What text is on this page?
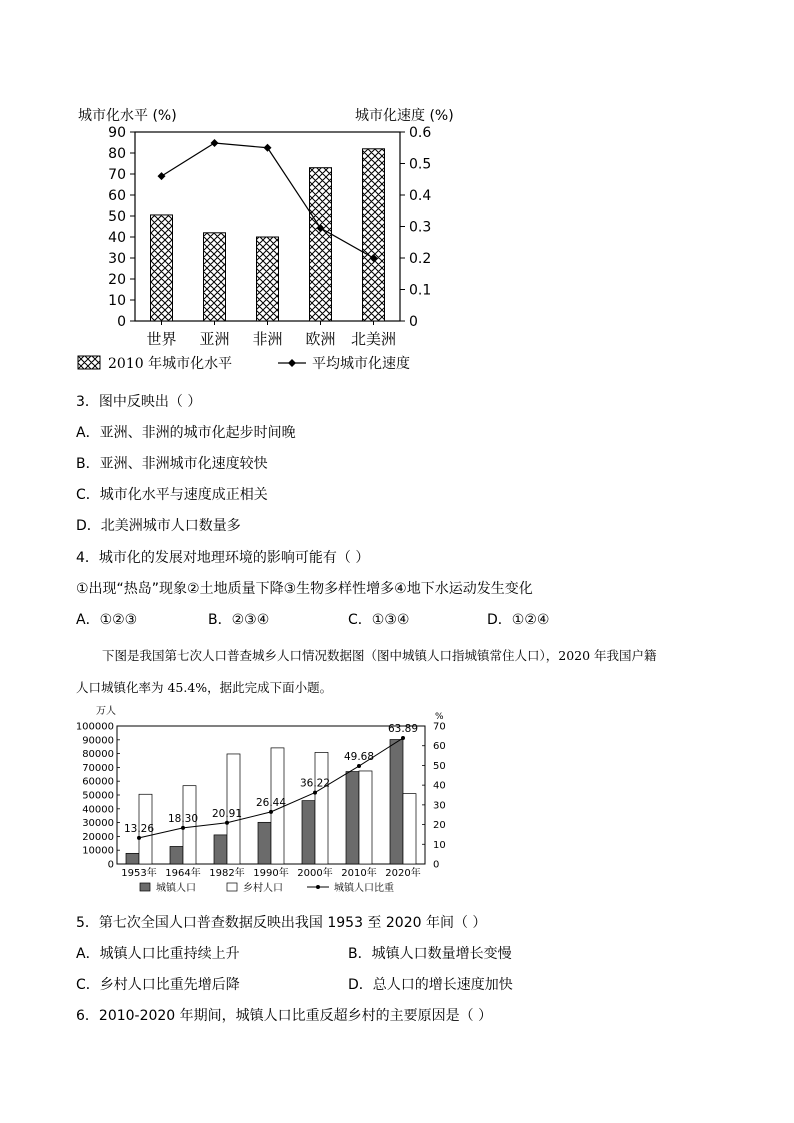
城市化水平 (%)	城市化速度 (%)
90
80
70
60
50
40
30
20
10
0
0.6
0.5
0.4
0.3
0.2
0.1
0
世界 亚洲 非洲 欧洲 北美洲
2010 年城市化水平	平均城市化速度
3．图中反映出（ ）
A．亚洲、非洲的城市化起步时间晚
B．亚洲、非洲城市化速度较快
C．城市化水平与速度成正相关
D．北美洲城市人口数量多
4．城市化的发展对地理环境的影响可能有（ ）
①出现“热岛”现象②土地质量下降③生物多样性增多④地下水运动发生变化
A．①②③	B．②③④	C．①③④	D．①②④
下图是我国第七次人口普查城乡人口情况数据图（图中城镇人口指城镇常住人口），2020 年我国户籍
人口城镇化率为 45.4%，据此完成下面小题。
万人	%
100000
90000
80000
70000
60000
50000
40000
30000
20000
10000
0
70
60
50
40
30
20
10
0
13.26
18.30 20.91
26.44
36.22
49.68
63.89
1953年 1964年 1982年 1990年 2000年 2010年 2020年
城镇人口	乡村人口	城镇人口比重
5．第七次全国人口普查数据反映出我国 1953 至 2020 年间（ ）
A．城镇人口比重持续上升	B．城镇人口数量增长变慢
C．乡村人口比重先增后降	D．总人口的增长速度加快
6．2010-2020 年期间，城镇人口比重反超乡村的主要原因是（ ）
